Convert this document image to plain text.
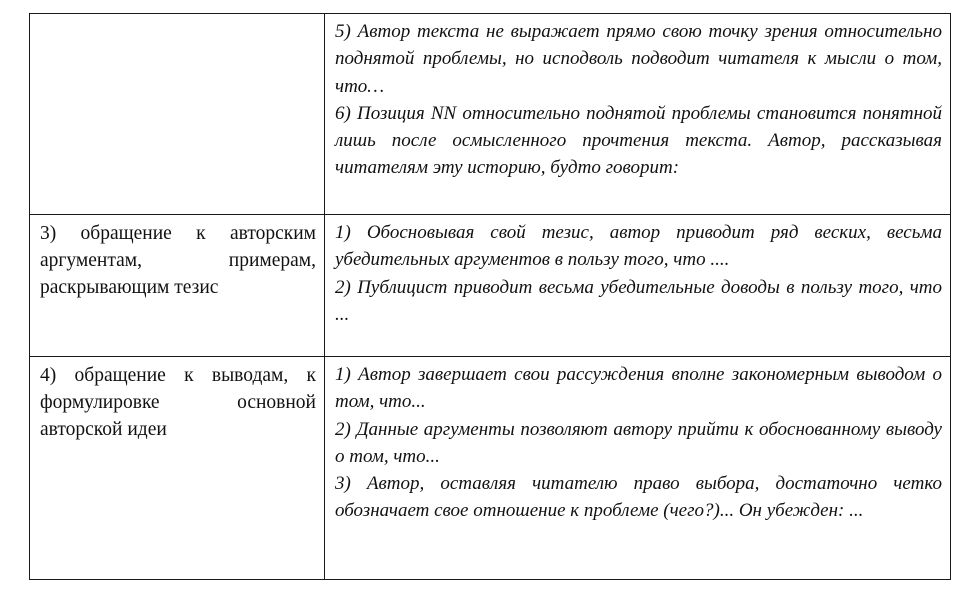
	5) Автор текста не выражает прямо свою точку зрения относительно поднятой проблемы, но исподволь подводит читателя к мысли о том, что…

6) Позиция NN относительно поднятой проблемы становится понятной лишь после осмысленного прочтения текста. Автор, рассказывая читателям эту историю, будто говорит:

3) обращение к авторским аргументам, примерам, раскрывающим тезис	1) Обосновывая свой тезис, автор приводит ряд веских, весьма убедительных аргументов в пользу того, что ....

2) Публицист приводит весьма убедительные доводы в пользу того, что ...

4) обращение к выводам, к формулировке основной авторской идеи	1) Автор завершает свои рассуждения вполне закономерным выводом о том, что...

2) Данные аргументы позволяют автору прийти к обоснованному выводу о том, что...

3) Автор, оставляя читателю право выбора, достаточно четко обозначает свое отношение к проблеме (чего?)... Он убежден: ...
